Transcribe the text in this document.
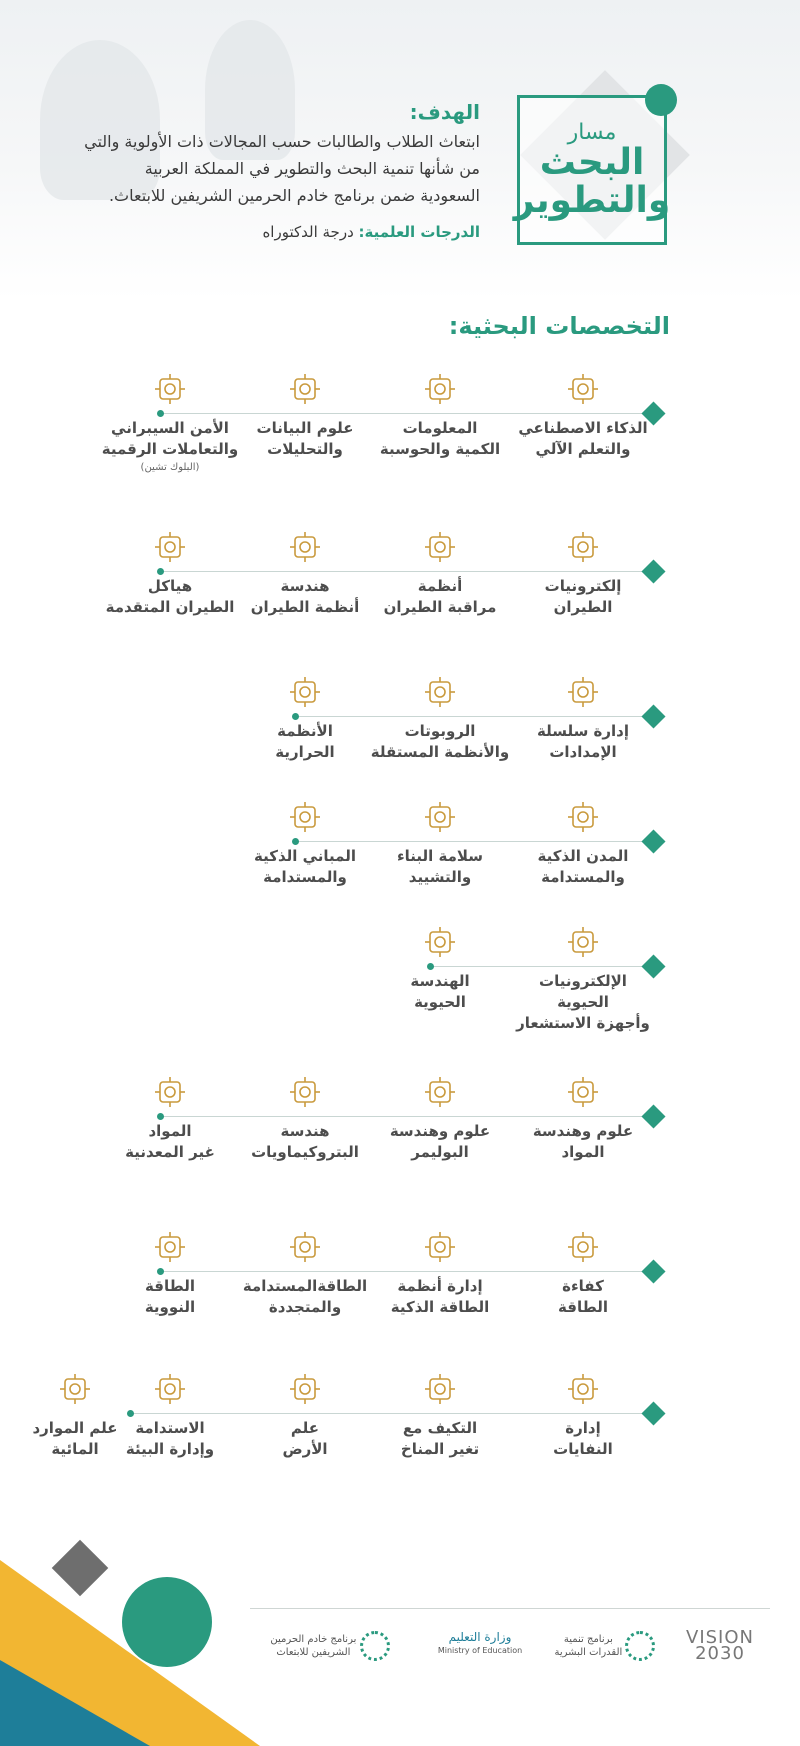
مسار
البحث
والتطوير
الهدف:
ابتعاث الطلاب والطالبات حسب المجالات ذات الأولوية والتي من شأنها تنمية البحث والتطوير في المملكة العربية السعودية ضمن برنامج خادم الحرمين الشريفين للابتعاث.
الدرجات العلمية: درجة الدكتوراه
التخصصات البحثية:
الذكاء الاصطناعي
والتعلم الآلي
المعلومات
الكمية والحوسبة
علوم البيانات
والتحليلات
الأمن السيبراني
والتعاملات الرقمية
(البلوك تشين)
إلكترونيات
الطيران
أنظمة
مراقبة الطيران
هندسة
أنظمة الطيران
هياكل
الطيران المتقدمة
إدارة سلسلة
الإمدادات
الروبوتات
والأنظمة المستقلة
الأنظمة
الحرارية
المدن الذكية
والمستدامة
سلامة البناء
والتشييد
المباني الذكية
والمستدامة
الإلكترونيات الحيوية
وأجهزة الاستشعار
الهندسة
الحيوية
علوم وهندسة
المواد
علوم وهندسة
البوليمر
هندسة
البتروكيماويات
المواد
غير المعدنية
كفاءة
الطاقة
إدارة أنظمة
الطاقة الذكية
الطاقةالمستدامة
والمتجددة
الطاقة
النووية
إدارة
النفايات
التكيف مع
تغير المناخ
علم
الأرض
الاستدامة
وإدارة البيئة
علم الموارد
المائية
VISION 2030
برنامج تنمية
القدرات البشرية
وزارة التعليم
Ministry of Education
برنامج خادم الحرمين
الشريفين للابتعاث
